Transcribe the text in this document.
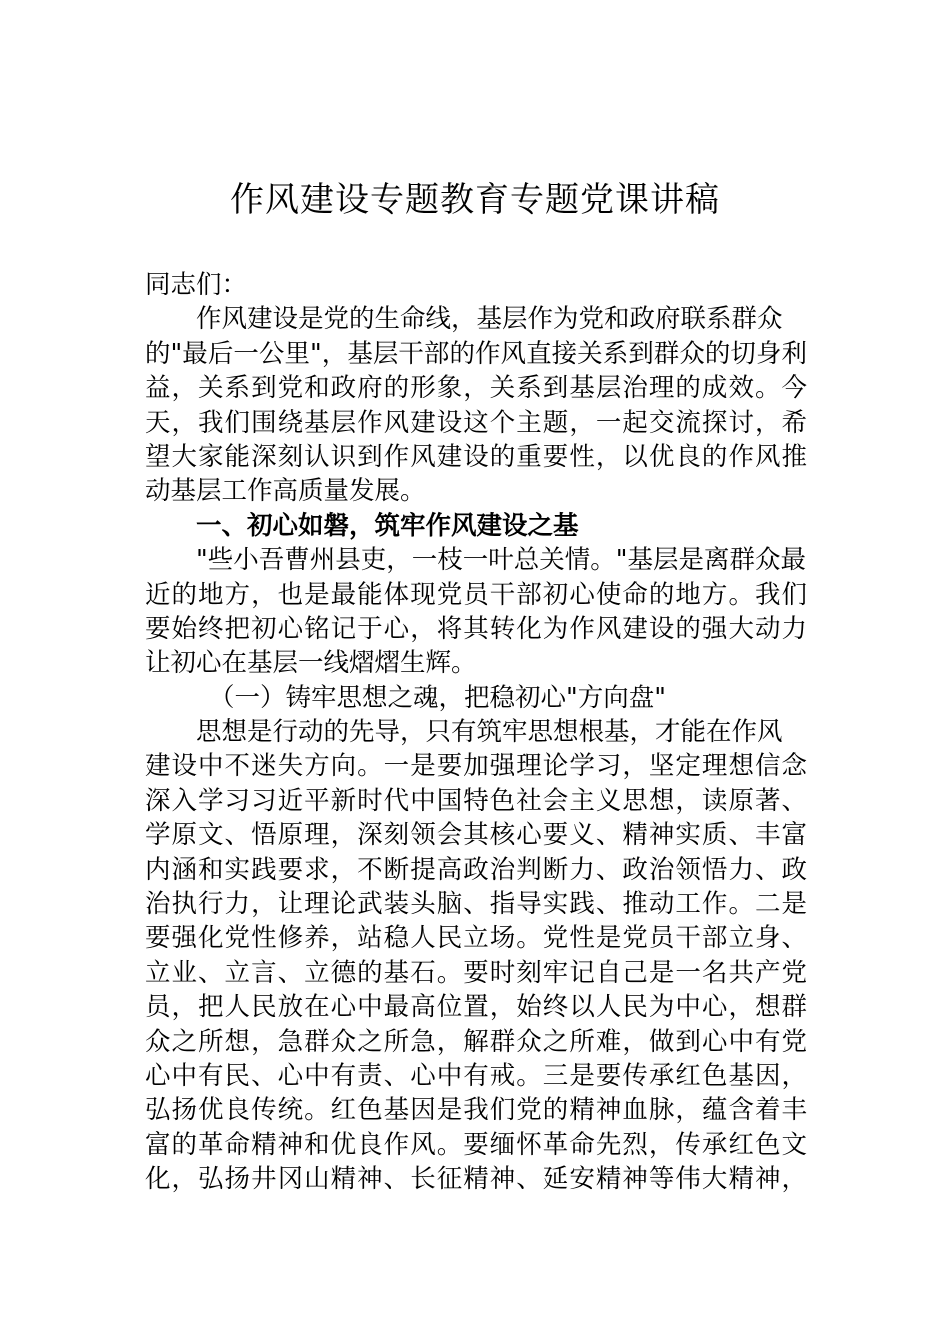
作风建设专题教育专题党课讲稿
同志们：
作风建设是党的生命线，基层作为党和政府联系群众
的"最后一公里"，基层干部的作风直接关系到群众的切身利
益，关系到党和政府的形象，关系到基层治理的成效。今
天，我们围绕基层作风建设这个主题，一起交流探讨，希
望大家能深刻认识到作风建设的重要性，以优良的作风推
动基层工作高质量发展。
一、初心如磐，筑牢作风建设之基
"些小吾曹州县吏，一枝一叶总关情。"基层是离群众最
近的地方，也是最能体现党员干部初心使命的地方。我们
要始终把初心铭记于心，将其转化为作风建设的强大动力
让初心在基层一线熠熠生辉。
（一）铸牢思想之魂，把稳初心"方向盘"
思想是行动的先导，只有筑牢思想根基，才能在作风
建设中不迷失方向。一是要加强理论学习，坚定理想信念
深入学习习近平新时代中国特色社会主义思想，读原著、
学原文、悟原理，深刻领会其核心要义、精神实质、丰富
内涵和实践要求，不断提高政治判断力、政治领悟力、政
治执行力，让理论武装头脑、指导实践、推动工作。二是
要强化党性修养，站稳人民立场。党性是党员干部立身、
立业、立言、立德的基石。要时刻牢记自己是一名共产党
员，把人民放在心中最高位置，始终以人民为中心，想群
众之所想，急群众之所急，解群众之所难，做到心中有党
心中有民、心中有责、心中有戒。三是要传承红色基因，
弘扬优良传统。红色基因是我们党的精神血脉，蕴含着丰
富的革命精神和优良作风。要缅怀革命先烈，传承红色文
化，弘扬井冈山精神、长征精神、延安精神等伟大精神，
